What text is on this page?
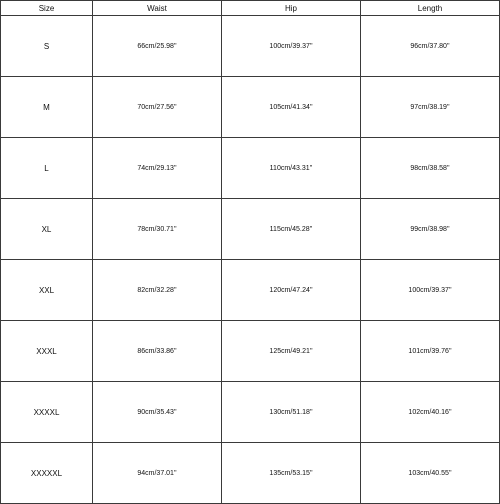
Size	Waist	Hip	Length
S	66cm/25.98''	100cm/39.37''	96cm/37.80''
M	70cm/27.56''	105cm/41.34''	97cm/38.19''
L	74cm/29.13''	110cm/43.31''	98cm/38.58''
XL	78cm/30.71''	115cm/45.28''	99cm/38.98''
XXL	82cm/32.28''	120cm/47.24''	100cm/39.37''
XXXL	86cm/33.86''	125cm/49.21''	101cm/39.76''
XXXXL	90cm/35.43''	130cm/51.18''	102cm/40.16''
XXXXXL	94cm/37.01''	135cm/53.15''	103cm/40.55''
